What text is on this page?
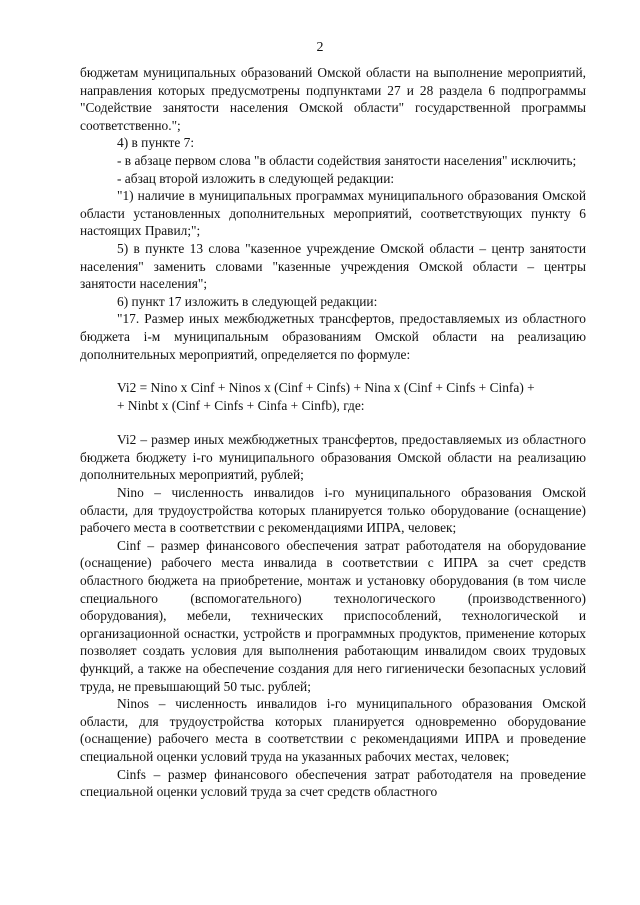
2

бюджетам муниципальных образований Омской области на выполнение мероприятий, направления которых предусмотрены подпунктами 27 и 28 раздела 6 подпрограммы "Содействие занятости населения Омской области" государственной программы соответственно.";

4) в пункте 7:

- в абзаце первом слова "в области содействия занятости населения" исключить;

- абзац второй изложить в следующей редакции:

"1) наличие в муниципальных программах муниципального образования Омской области установленных дополнительных мероприятий, соответствующих пункту 6 настоящих Правил;";

5) в пункте 13 слова "казенное учреждение Омской области – центр занятости населения" заменить словами "казенные учреждения Омской области – центры занятости населения";

6) пункт 17 изложить в следующей редакции:

"17. Размер иных межбюджетных трансфертов, предоставляемых из областного бюджета i-м муниципальным образованиям Омской области на реализацию дополнительных мероприятий, определяется по формуле:

Vi2 = Nino x Cinf + Ninos x (Cinf + Cinfs) + Nina x (Cinf + Cinfs + Cinfa) +

+ Ninbt x (Cinf + Cinfs + Cinfa + Cinfb), где:

Vi2 – размер иных межбюджетных трансфертов, предоставляемых из областного бюджета бюджету i-го муниципального образования Омской области на реализацию дополнительных мероприятий, рублей;

Nino – численность инвалидов i-го муниципального образования Омской области, для трудоустройства которых планируется только оборудование (оснащение) рабочего места в соответствии с рекомендациями ИПРА, человек;

Cinf – размер финансового обеспечения затрат работодателя на оборудование (оснащение) рабочего места инвалида в соответствии с ИПРА за счет средств областного бюджета на приобретение, монтаж и установку оборудования (в том числе специального (вспомогательного) технологического (производственного) оборудования), мебели, технических приспособлений, технологической и организационной оснастки, устройств и программных продуктов, применение которых позволяет создать условия для выполнения работающим инвалидом своих трудовых функций, а также на обеспечение создания для него гигиенически безопасных условий труда, не превышающий 50 тыс. рублей;

Ninos – численность инвалидов i-го муниципального образования Омской области, для трудоустройства которых планируется одновременно оборудование (оснащение) рабочего места в соответствии с рекомендациями ИПРА и проведение специальной оценки условий труда на указанных рабочих местах, человек;

Cinfs – размер финансового обеспечения затрат работодателя на проведение специальной оценки условий труда за счет средств областного
